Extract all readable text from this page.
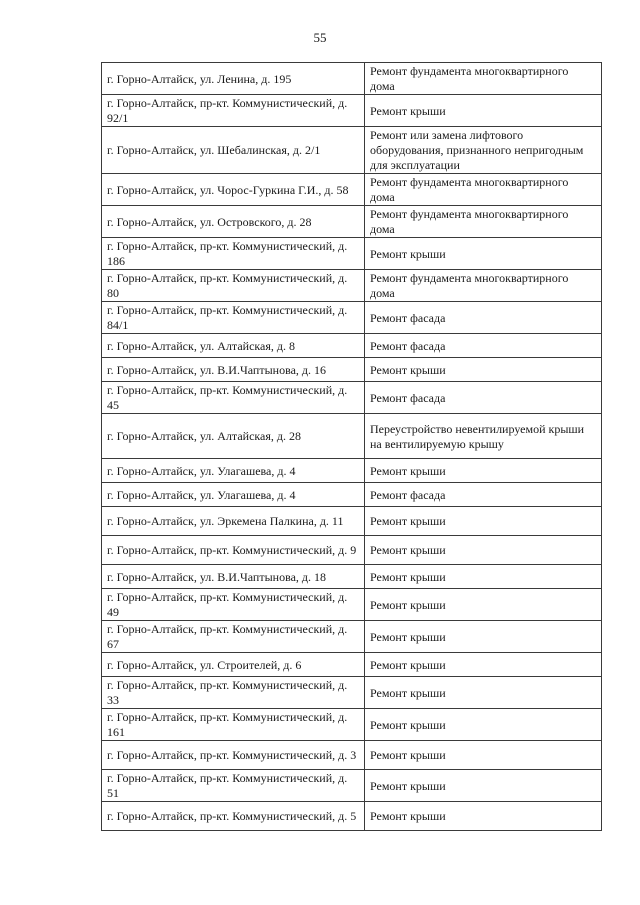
55
г. Горно-Алтайск, ул. Ленина, д. 195	Ремонт фундамента многоквартирного дома
г. Горно-Алтайск, пр-кт. Коммунистический, д. 92/1	Ремонт крыши
г. Горно-Алтайск, ул. Шебалинская, д. 2/1	Ремонт или замена лифтового оборудования, признанного непригодным для эксплуатации
г. Горно-Алтайск, ул. Чорос-Гуркина Г.И., д. 58	Ремонт фундамента многоквартирного дома
г. Горно-Алтайск, ул. Островского, д. 28	Ремонт фундамента многоквартирного дома
г. Горно-Алтайск, пр-кт. Коммунистический, д. 186	Ремонт крыши
г. Горно-Алтайск, пр-кт. Коммунистический, д. 80	Ремонт фундамента многоквартирного дома
г. Горно-Алтайск, пр-кт. Коммунистический, д. 84/1	Ремонт фасада
г. Горно-Алтайск, ул. Алтайская, д. 8	Ремонт фасада
г. Горно-Алтайск, ул. В.И.Чаптынова, д. 16	Ремонт крыши
г. Горно-Алтайск, пр-кт. Коммунистический, д. 45	Ремонт фасада
г. Горно-Алтайск, ул. Алтайская, д. 28	Переустройство невентилируемой крыши на вентилируемую крышу
г. Горно-Алтайск, ул. Улагашева, д. 4	Ремонт крыши
г. Горно-Алтайск, ул. Улагашева, д. 4	Ремонт фасада
г. Горно-Алтайск, ул. Эркемена Палкина, д. 11	Ремонт крыши
г. Горно-Алтайск, пр-кт. Коммунистический, д. 9	Ремонт крыши
г. Горно-Алтайск, ул. В.И.Чаптынова, д. 18	Ремонт крыши
г. Горно-Алтайск, пр-кт. Коммунистический, д. 49	Ремонт крыши
г. Горно-Алтайск, пр-кт. Коммунистический, д. 67	Ремонт крыши
г. Горно-Алтайск, ул. Строителей, д. 6	Ремонт крыши
г. Горно-Алтайск, пр-кт. Коммунистический, д. 33	Ремонт крыши
г. Горно-Алтайск, пр-кт. Коммунистический, д. 161	Ремонт крыши
г. Горно-Алтайск, пр-кт. Коммунистический, д. 3	Ремонт крыши
г. Горно-Алтайск, пр-кт. Коммунистический, д. 51	Ремонт крыши
г. Горно-Алтайск, пр-кт. Коммунистический, д. 5	Ремонт крыши
